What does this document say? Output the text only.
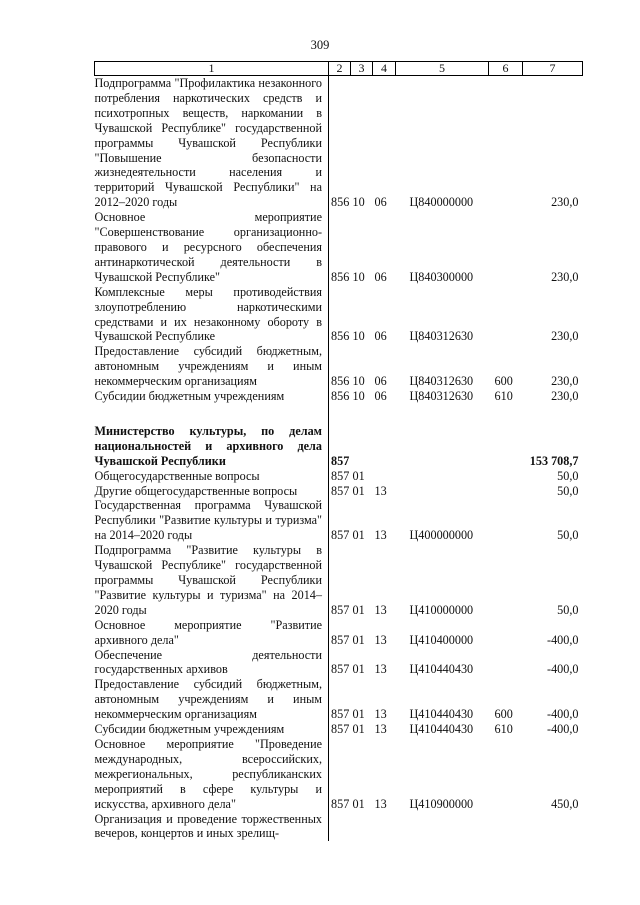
309
1	2	3	4	5	6	7
Подпрограмма "Профилактика незаконного потребления наркотических средств и психотропных веществ, наркомании в Чувашской Республике" государственной программы Чувашской Республики "Повышение безопасности жизнедеятельности населения и территорий Чувашской Республики" на 2012–2020 годы	856	10	06	Ц840000000		230,0
Основное мероприятие "Совершенствование организационно-правового и ресурсного обеспечения антинаркотической деятельности в Чувашской Республике"	856	10	06	Ц840300000		230,0
Комплексные меры противодействия злоупотреблению наркотическими средствами и их незаконному обороту в Чувашской Республике	856	10	06	Ц840312630		230,0
Предоставление субсидий бюджетным, автономным учреждениям и иным некоммерческим организациям	856	10	06	Ц840312630	600	230,0
Субсидии бюджетным учреждениям	856	10	06	Ц840312630	610	230,0

Министерство культуры, по делам национальностей и архивного дела Чувашской Республики	857					153 708,7
Общегосударственные вопросы	857	01				50,0
Другие общегосударственные вопросы	857	01	13			50,0
Государственная программа Чувашской Республики "Развитие культуры и туризма" на 2014–2020 годы	857	01	13	Ц400000000		50,0
Подпрограмма "Развитие культуры в Чувашской Республике" государственной программы Чувашской Республики "Развитие культуры и туризма" на 2014–2020 годы	857	01	13	Ц410000000		50,0
Основное мероприятие "Развитие архивного дела"	857	01	13	Ц410400000		-400,0
Обеспечение деятельности государственных архивов	857	01	13	Ц410440430		-400,0
Предоставление субсидий бюджетным, автономным учреждениям и иным некоммерческим организациям	857	01	13	Ц410440430	600	-400,0
Субсидии бюджетным учреждениям	857	01	13	Ц410440430	610	-400,0
Основное мероприятие "Проведение международных, всероссийских, межрегиональных, республиканских мероприятий в сфере культуры и искусства, архивного дела"	857	01	13	Ц410900000		450,0
Организация и проведение торжественных вечеров, концертов и иных зрелищ-						
